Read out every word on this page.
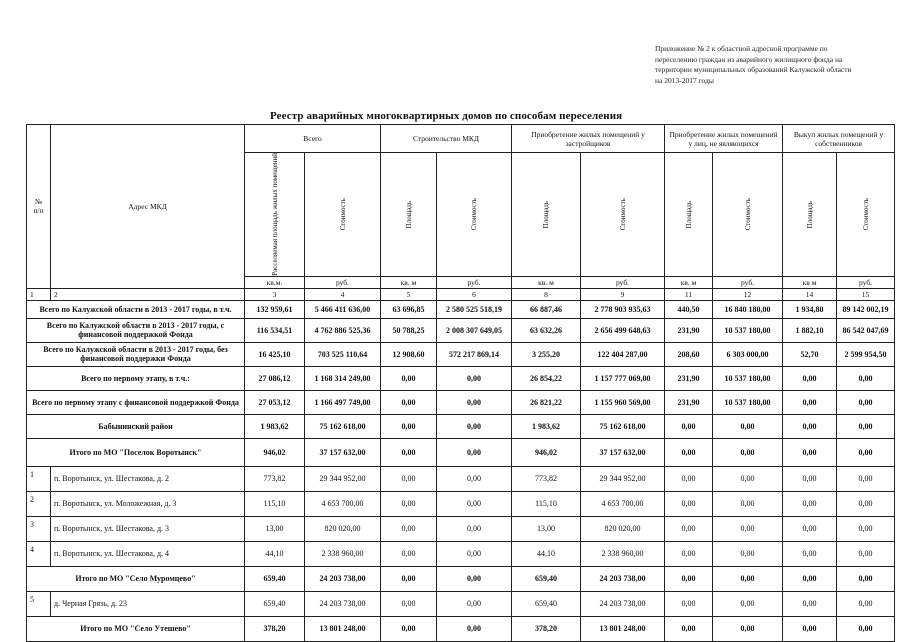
Приложение № 2 к областной адресной программе по
переселению граждан из аварийного жилищного фонда на
территории муниципальных образований Калужской области
на 2013-2017 годы
Реестр аварийных многоквартирных домов по способам переселения
№
п/п	Адрес МКД	Всего		Строительство МКД		Приобретение жилых помещений у застройщиков		Приобретение жилых помещений у лиц, не являющихся		Выкуп жилых помещений у собственников	

		Расселяемая площадь жилых помещений	Стоимость	Площадь	Стоимость	Площадь	Стоимость	Площадь	Стоимость	Площадь	Стоимость

		кв.м.	руб.	кв. м	руб.	кв. м	руб.	кв. м	руб.	кв м	руб.
1	2	3	4	5	6	8	9	11	12	14	15
Всего по Калужской области в 2013 - 2017 годы, в т.ч.		132 959,61	5 466 411 636,00	63 696,85	2 580 525 518,19	66 887,46	2 778 903 935,63	440,50	16 840 180,00	1 934,80	89 142 002,19
Всего по Калужской области в 2013 - 2017 годы, с финансовой поддержкой Фонда		116 534,51	4 762 886 525,36	50 788,25	2 008 307 649,05	63 632,26	2 656 499 648,63	231,90	10 537 180,00	1 882,10	86 542 047,69
Всего по Калужской области в 2013 - 2017 годы, без финансовой поддержки Фонда		16 425,10	703 525 110,64	12 908,60	572 217 869,14	3 255,20	122 404 287,00	208,60	6 303 000,00	52,70	2 599 954,50
Всего по первому этапу, в т.ч.:		27 086,12	1 168 314 249,00	0,00	0,00	26 854,22	1 157 777 069,00	231,90	10 537 180,00	0,00	0,00
Всего по первому этапу с финансовой поддержкой Фонда		27 053,12	1 166 497 749,00	0,00	0,00	26 821,22	1 155 960 569,00	231,90	10 537 180,00	0,00	0,00
Бабынинский район		1 983,62	75 162 618,00	0,00	0,00	1 983,62	75 162 618,00	0,00	0,00	0,00	0,00
Итого по МО "Поселок Воротынск"		946,02	37 157 632,00	0,00	0,00	946,02	37 157 632,00	0,00	0,00	0,00	0,00
1	п. Воротынск, ул. Шестакова, д. 2	773,82	29 344 952,00	0,00	0,00	773,82	29 344 952,00	0,00	0,00	0,00	0,00
2	п. Воротынск, ул. Моложежная, д. 3	115,10	4 653 700,00	0,00	0,00	115,10	4 653 700,00	0,00	0,00	0,00	0,00
3	п. Воротынск, ул. Шестакова, д. 3	13,00	820 020,00	0,00	0,00	13,00	820 020,00	0,00	0,00	0,00	0,00
4	п. Воротынск, ул. Шестакова, д. 4	44,10	2 338 960,00	0,00	0,00	44,10	2 338 960,00	0,00	0,00	0,00	0,00
Итого по МО "Село Муромцево"		659,40	24 203 738,00	0,00	0,00	659,40	24 203 738,00	0,00	0,00	0,00	0,00
5	д. Черная Грязь, д. 23	659,40	24 203 738,00	0,00	0,00	659,40	24 203 738,00	0,00	0,00	0,00	0,00
Итого по МО "Село Утешево"		378,20	13 801 248,00	0,00	0,00	378,20	13 801 248,00	0,00	0,00	0,00	0,00
